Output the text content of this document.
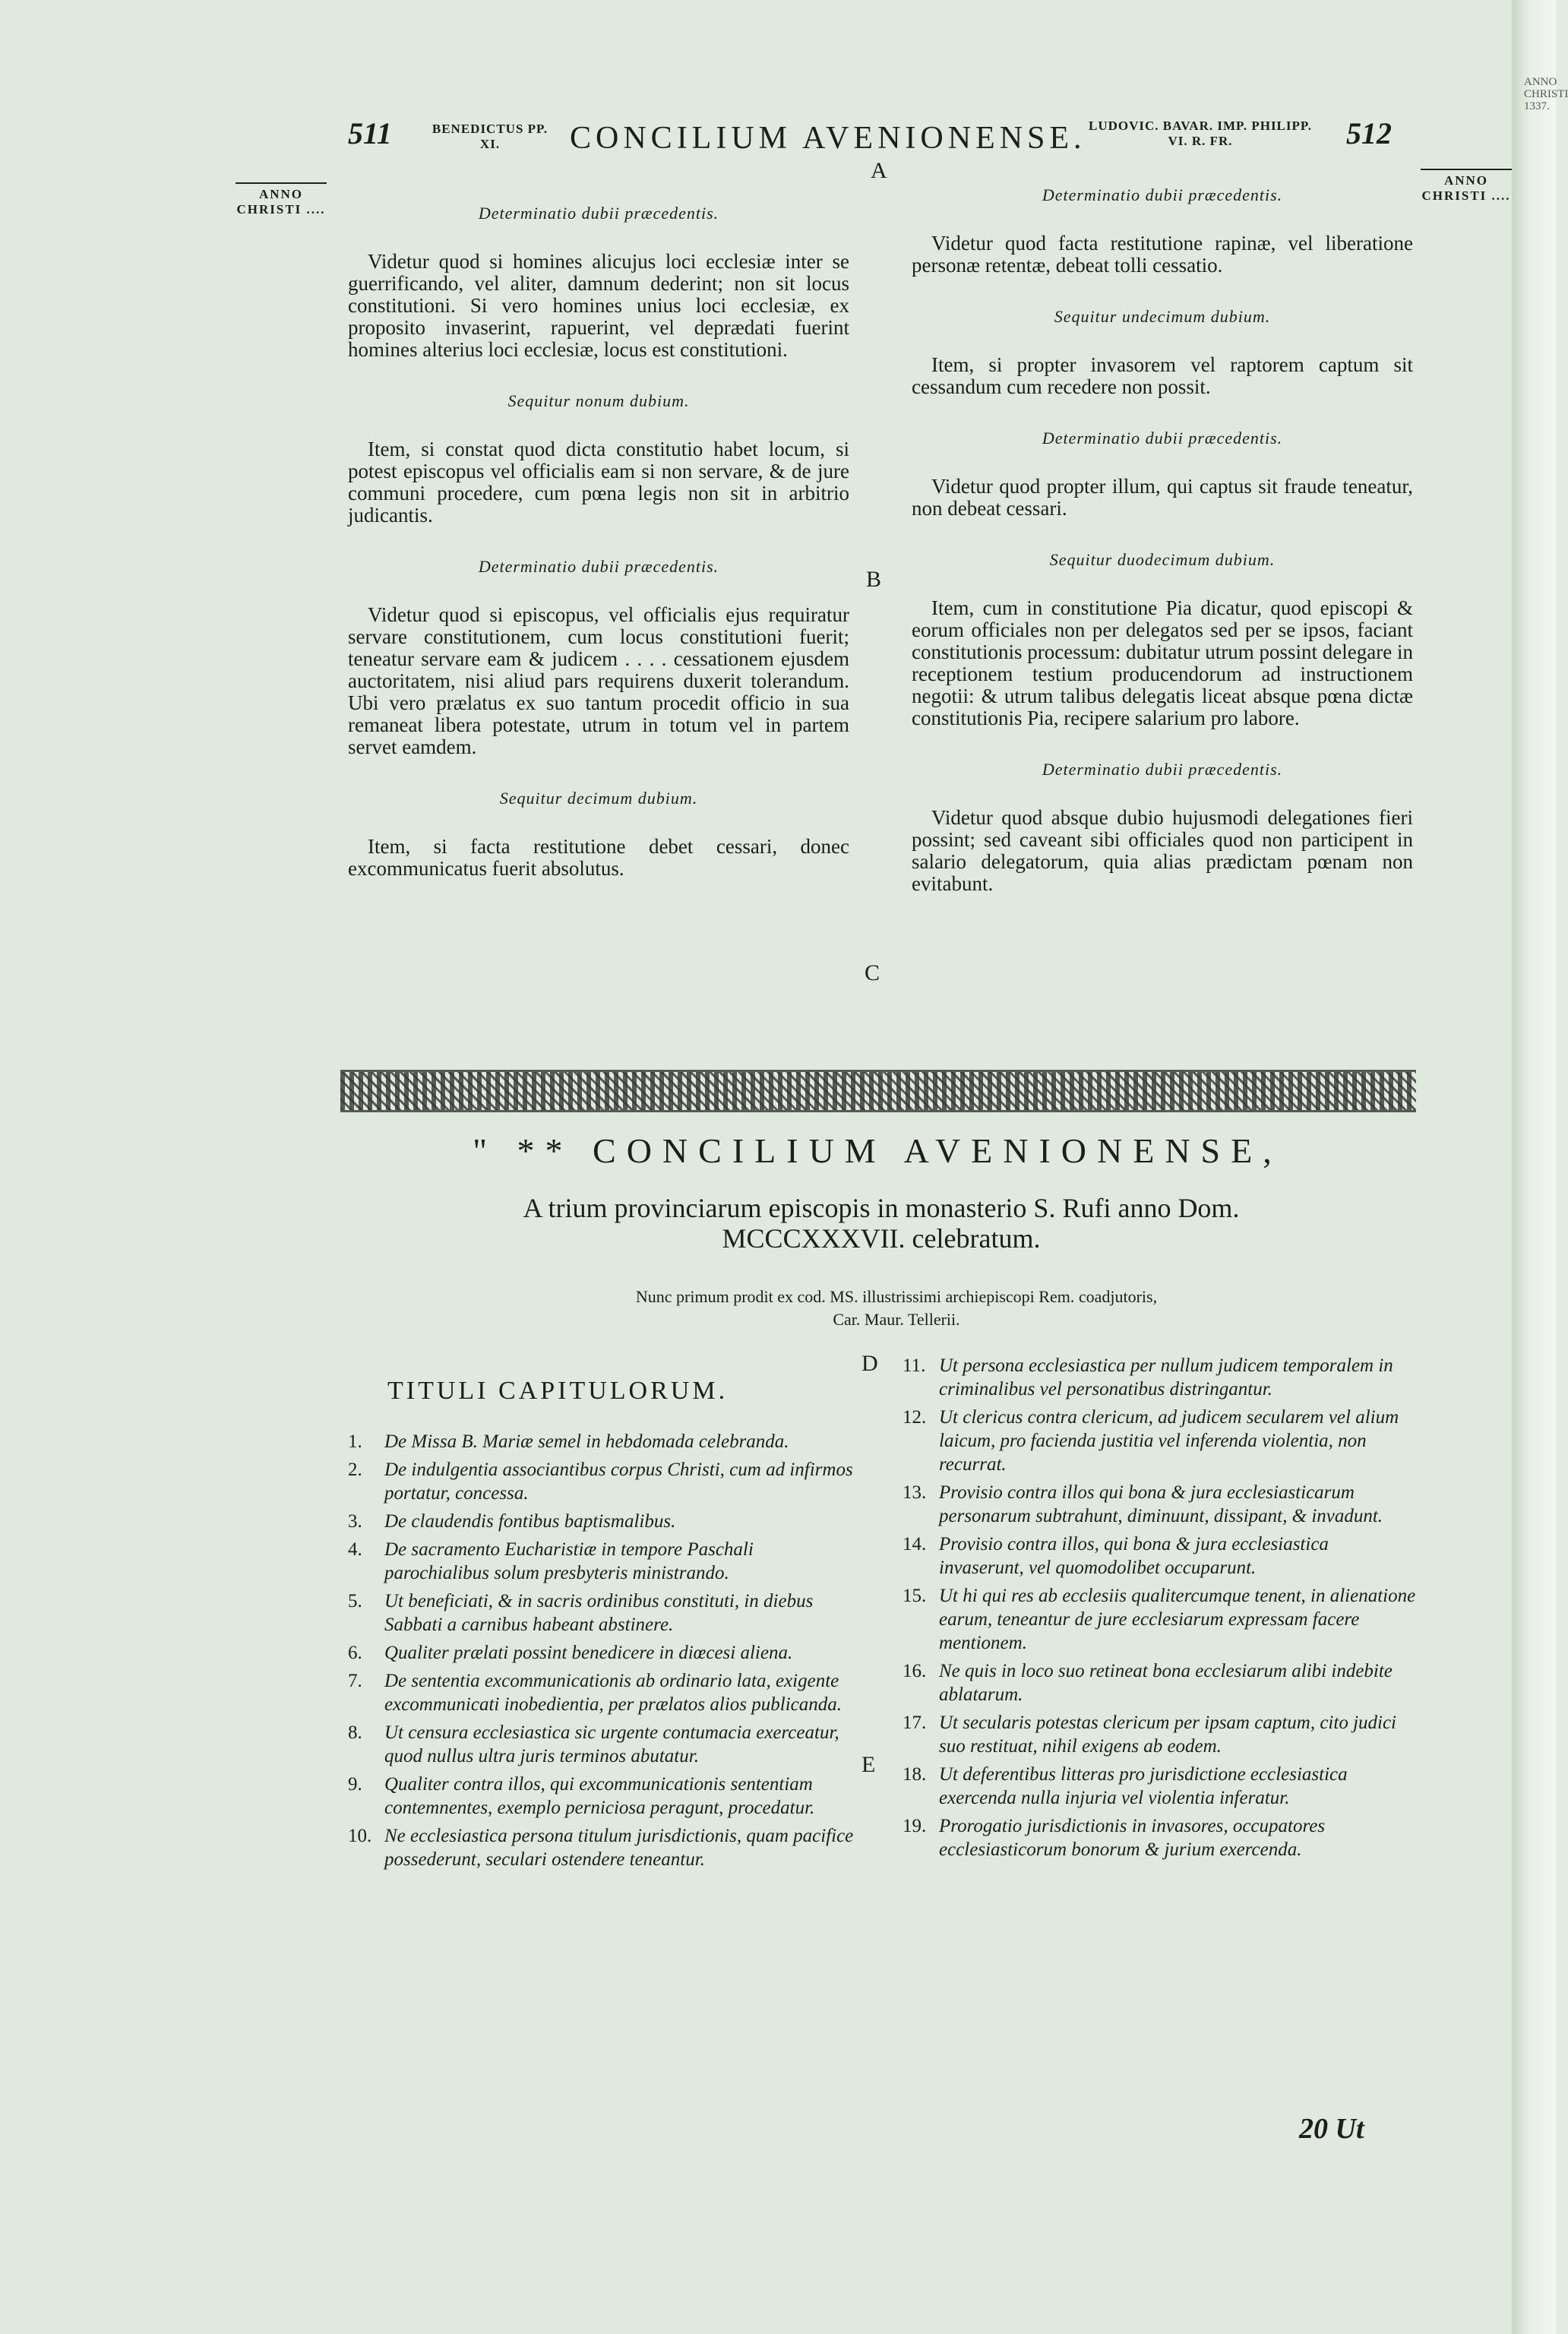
ANNO CHRISTI 1337.
511	BENEDICTUS PP. XI.	CONCILIUM AVENIONENSE. LUDOVIC. BAVAR. IMP. PHILIPP. VI. R. FR.	512
ANNO CHRISTI ....
ANNO CHRISTI ....
A
B
C
D
E
Determinatio dubii præcedentis.

Videtur quod si homines alicujus loci ecclesiæ inter se guerrificando, vel aliter, damnum dederint; non sit locus constitutioni. Si vero homines unius loci ecclesiæ, ex proposito invaserint, rapuerint, vel deprædati fuerint homines alterius loci ecclesiæ, locus est constitutioni.

Sequitur nonum dubium.

Item, si constat quod dicta constitutio habet locum, si potest episcopus vel officialis eam si non servare, & de jure communi procedere, cum pœna legis non sit in arbitrio judicantis.

Determinatio dubii præcedentis.

Videtur quod si episcopus, vel officialis ejus requiratur servare constitutionem, cum locus constitutioni fuerit; teneatur servare eam & judicem . . . . cessationem ejusdem auctoritatem, nisi aliud pars requirens duxerit tolerandum. Ubi vero prælatus ex suo tantum procedit officio in sua remaneat libera potestate, utrum in totum vel in partem servet eamdem.

Sequitur decimum dubium.

Item, si facta restitutione debet cessari, donec excommunicatus fuerit absolutus.

Determinatio dubii præcedentis.

Videtur quod facta restitutione rapinæ, vel liberatione personæ retentæ, debeat tolli cessatio.

Sequitur undecimum dubium.

Item, si propter invasorem vel raptorem captum sit cessandum cum recedere non possit.

Determinatio dubii præcedentis.

Videtur quod propter illum, qui captus sit fraude teneatur, non debeat cessari.

Sequitur duodecimum dubium.

Item, cum in constitutione Pia dicatur, quod episcopi & eorum officiales non per delegatos sed per se ipsos, faciant constitutionis processum: dubitatur utrum possint delegare in receptionem testium producendorum ad instructionem negotii: & utrum talibus delegatis liceat absque pœna dictæ constitutionis Pia, recipere salarium pro labore.

Determinatio dubii præcedentis.

Videtur quod absque dubio hujusmodi delegationes fieri possint; sed caveant sibi officiales quod non participent in salario delegatorum, quia alias prædictam pœnam non evitabunt.

" ** CONCILIUM AVENIONENSE,
A trium provinciarum episcopis in monasterio S. Rufi anno Dom.
MCCCXXXVII. celebratum.
Nunc primum prodit ex cod. MS. illustrissimi archiepiscopi Rem. coadjutoris,
Car. Maur. Tellerii.
TITULI CAPITULORUM.
1. De Missa B. Mariæ semel in hebdomada celebranda.
2. De indulgentia associantibus corpus Christi, cum ad infirmos portatur, concessa.
3. De claudendis fontibus baptismalibus.
4. De sacramento Eucharistiæ in tempore Paschali parochialibus solum presbyteris ministrando.
5. Ut beneficiati, & in sacris ordinibus constituti, in diebus Sabbati a carnibus habeant abstinere.
6. Qualiter prælati possint benedicere in diœcesi aliena.
7. De sententia excommunicationis ab ordinario lata, exigente excommunicati inobedientia, per prælatos alios publicanda.
8. Ut censura ecclesiastica sic urgente contumacia exerceatur, quod nullus ultra juris terminos abutatur.
9. Qualiter contra illos, qui excommunicationis sententiam contemnentes, exemplo perniciosa peragunt, procedatur.
10. Ne ecclesiastica persona titulum jurisdictionis, quam pacifice possederunt, seculari ostendere teneantur.
11. Ut persona ecclesiastica per nullum judicem temporalem in criminalibus vel personatibus distringantur.
12. Ut clericus contra clericum, ad judicem secularem vel alium laicum, pro facienda justitia vel inferenda violentia, non recurrat.
13. Provisio contra illos qui bona & jura ecclesiasticarum personarum subtrahunt, diminuunt, dissipant, & invadunt.
14. Provisio contra illos, qui bona & jura ecclesiastica invaserunt, vel quomodolibet occuparunt.
15. Ut hi qui res ab ecclesiis qualitercumque tenent, in alienatione earum, teneantur de jure ecclesiarum expressam facere mentionem.
16. Ne quis in loco suo retineat bona ecclesiarum alibi indebite ablatarum.
17. Ut secularis potestas clericum per ipsam captum, cito judici suo restituat, nihil exigens ab eodem.
18. Ut deferentibus litteras pro jurisdictione ecclesiastica exercenda nulla injuria vel violentia inferatur.
19. Prorogatio jurisdictionis in invasores, occupatores ecclesiasticorum bonorum & jurium exercenda.
20 Ut
